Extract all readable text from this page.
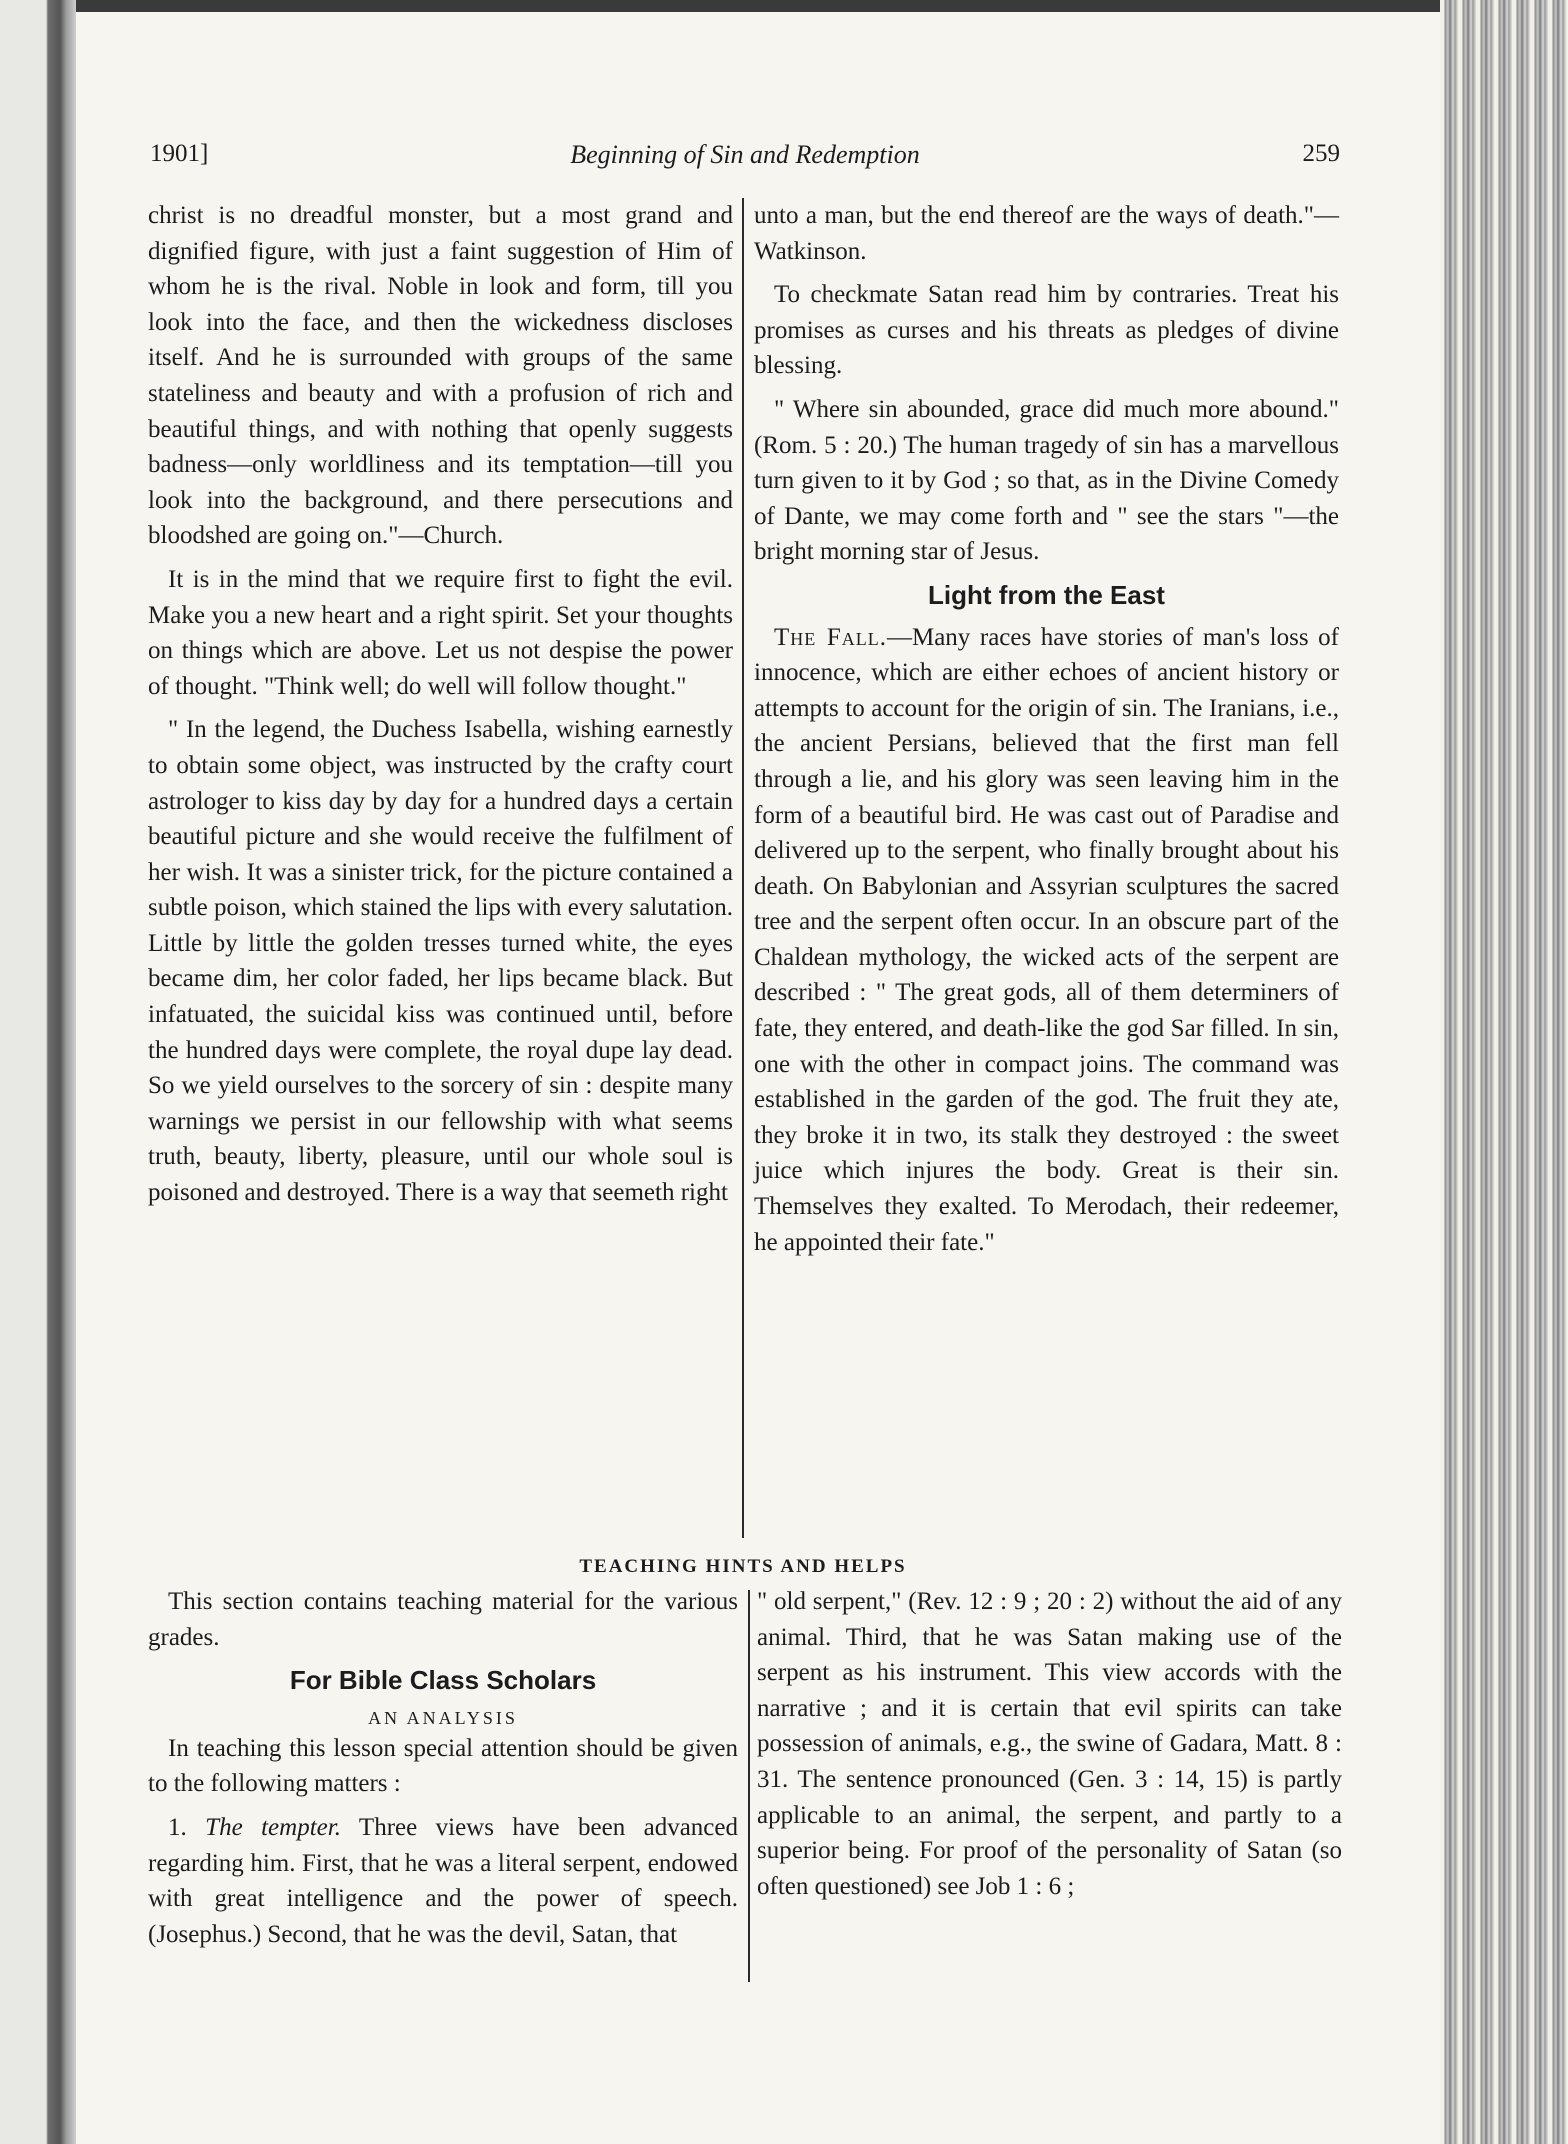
1901]	Beginning of Sin and Redemption	259

christ is no dreadful monster, but a most grand and dignified figure, with just a faint suggestion of Him of whom he is the rival. Noble in look and form, till you look into the face, and then the wickedness discloses itself. And he is surrounded with groups of the same stateliness and beauty and with a profusion of rich and beautiful things, and with nothing that openly suggests badness—only worldliness and its temptation—till you look into the background, and there persecutions and bloodshed are going on."—Church.

It is in the mind that we require first to fight the evil. Make you a new heart and a right spirit. Set your thoughts on things which are above. Let us not despise the power of thought. "Think well; do well will follow thought."

" In the legend, the Duchess Isabella, wishing earnestly to obtain some object, was instructed by the crafty court astrologer to kiss day by day for a hundred days a certain beautiful picture and she would receive the fulfilment of her wish. It was a sinister trick, for the picture contained a subtle poison, which stained the lips with every salutation. Little by little the golden tresses turned white, the eyes became dim, her color faded, her lips became black. But infatuated, the suicidal kiss was continued until, before the hundred days were complete, the royal dupe lay dead. So we yield ourselves to the sorcery of sin : despite many warnings we persist in our fellowship with what seems truth, beauty, liberty, pleasure, until our whole soul is poisoned and destroyed. There is a way that seemeth right

unto a man, but the end thereof are the ways of death."—Watkinson.

To checkmate Satan read him by contraries. Treat his promises as curses and his threats as pledges of divine blessing.

" Where sin abounded, grace did much more abound." (Rom. 5 : 20.) The human tragedy of sin has a marvellous turn given to it by God ; so that, as in the Divine Comedy of Dante, we may come forth and " see the stars "—the bright morning star of Jesus.

Light from the East

The Fall.—Many races have stories of man's loss of innocence, which are either echoes of ancient history or attempts to account for the origin of sin. The Iranians, i.e., the ancient Persians, believed that the first man fell through a lie, and his glory was seen leaving him in the form of a beautiful bird. He was cast out of Paradise and delivered up to the serpent, who finally brought about his death. On Babylonian and Assyrian sculptures the sacred tree and the serpent often occur. In an obscure part of the Chaldean mythology, the wicked acts of the serpent are described : " The great gods, all of them determiners of fate, they entered, and death-like the god Sar filled. In sin, one with the other in compact joins. The command was established in the garden of the god. The fruit they ate, they broke it in two, its stalk they destroyed : the sweet juice which injures the body. Great is their sin. Themselves they exalted. To Merodach, their redeemer, he appointed their fate."

TEACHING HINTS AND HELPS

This section contains teaching material for the various grades.

For Bible Class Scholars
AN ANALYSIS

In teaching this lesson special attention should be given to the following matters :

1. The tempter. Three views have been advanced regarding him. First, that he was a literal serpent, endowed with great intelligence and the power of speech. (Josephus.) Second, that he was the devil, Satan, that

" old serpent," (Rev. 12 : 9 ; 20 : 2) without the aid of any animal. Third, that he was Satan making use of the serpent as his instrument. This view accords with the narrative ; and it is certain that evil spirits can take possession of animals, e.g., the swine of Gadara, Matt. 8 : 31. The sentence pronounced (Gen. 3 : 14, 15) is partly applicable to an animal, the serpent, and partly to a superior being. For proof of the personality of Satan (so often questioned) see Job 1 : 6 ;
